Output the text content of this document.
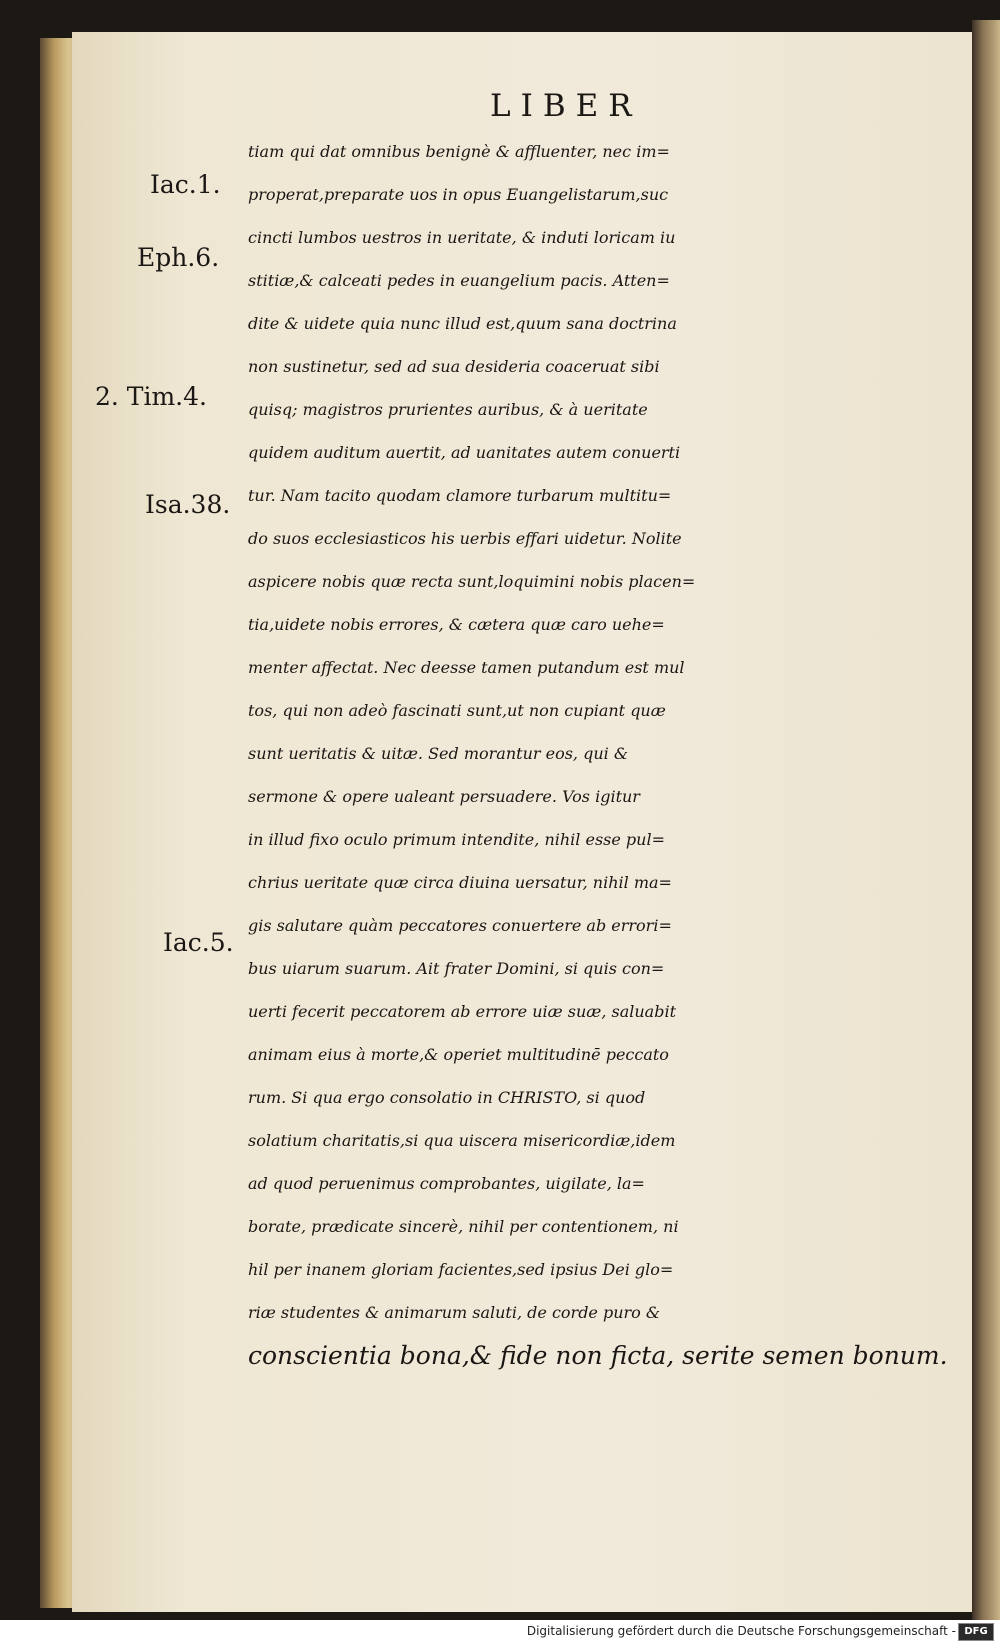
LIBER
Iac.1.
Eph.6.
2. Tim.4.
Isa.38.
Iac.5.
tiam qui dat omnibus benignè & affluenter, nec im=
properat,preparate uos in opus Euangelistarum,suc
cincti lumbos uestros in ueritate, & induti loricam iu
stitiæ,& calceati pedes in euangelium pacis. Atten=
dite & uidete quia nunc illud est,quum sana doctrina
non sustinetur, sed ad sua desideria coaceruat sibi
quisq; magistros prurientes auribus, & à ueritate
quidem auditum auertit, ad uanitates autem conuerti
tur. Nam tacito quodam clamore turbarum multitu=
do suos ecclesiasticos his uerbis effari uidetur. Nolite
aspicere nobis quæ recta sunt,loquimini nobis placen=
tia,uidete nobis errores, & cætera quæ caro uehe=
menter affectat. Nec deesse tamen putandum est mul
tos, qui non adeò fascinati sunt,ut non cupiant quæ
sunt ueritatis & uitæ. Sed morantur eos, qui &
sermone & opere ualeant persuadere. Vos igitur
in illud fixo oculo primum intendite, nihil esse pul=
chrius ueritate quæ circa diuina uersatur, nihil ma=
gis salutare quàm peccatores conuertere ab errori=
bus uiarum suarum. Ait frater Domini, si quis con=
uerti fecerit peccatorem ab errore uiæ suæ, saluabit
animam eius à morte,& operiet multitudinē peccato
rum. Si qua ergo consolatio in CHRISTO, si quod
solatium charitatis,si qua uiscera misericordiæ,idem
ad quod peruenimus comprobantes, uigilate, la=
borate, prædicate sincerè, nihil per contentionem, ni
hil per inanem gloriam facientes,sed ipsius Dei glo=
riæ studentes & animarum saluti, de corde puro &
conscientia bona,& fide non ficta, serite semen bonum.
Digitalisierung gefördert durch die Deutsche Forschungsgemeinschaft - DFG
